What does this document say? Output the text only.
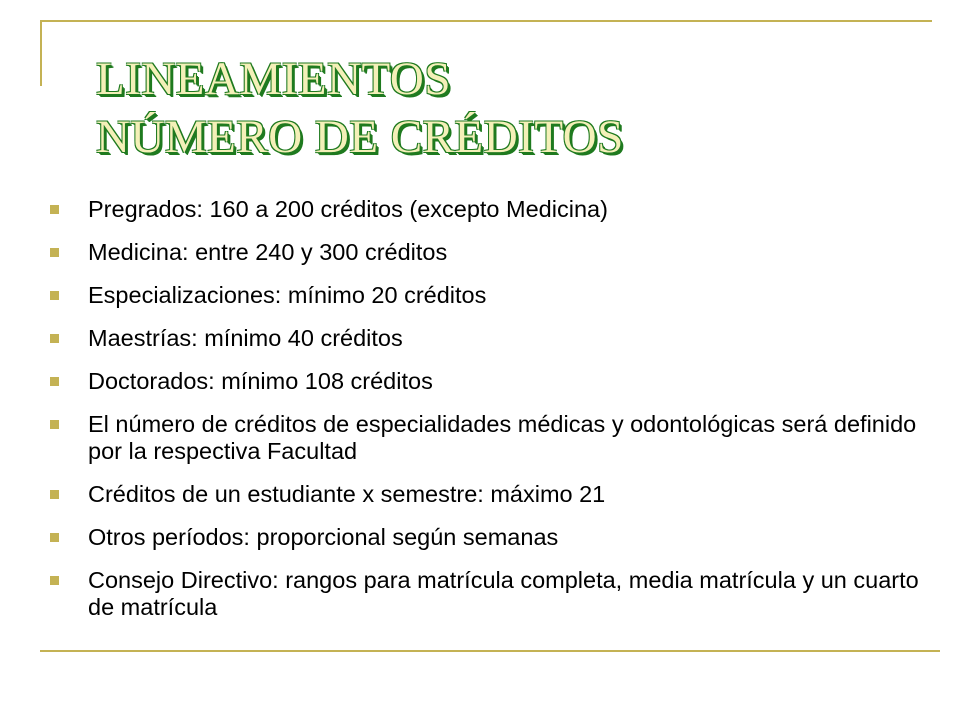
LINEAMIENTOS
NÚMERO DE CRÉDITOS
Pregrados: 160 a 200 créditos (excepto Medicina)
Medicina: entre 240 y 300 créditos
Especializaciones: mínimo 20 créditos
Maestrías: mínimo 40 créditos
Doctorados: mínimo 108 créditos
El número de créditos de especialidades médicas y odontológicas será definido por la respectiva Facultad
Créditos de un estudiante x semestre: máximo 21
Otros períodos: proporcional según semanas
Consejo Directivo: rangos para matrícula completa, media matrícula y un cuarto de matrícula
